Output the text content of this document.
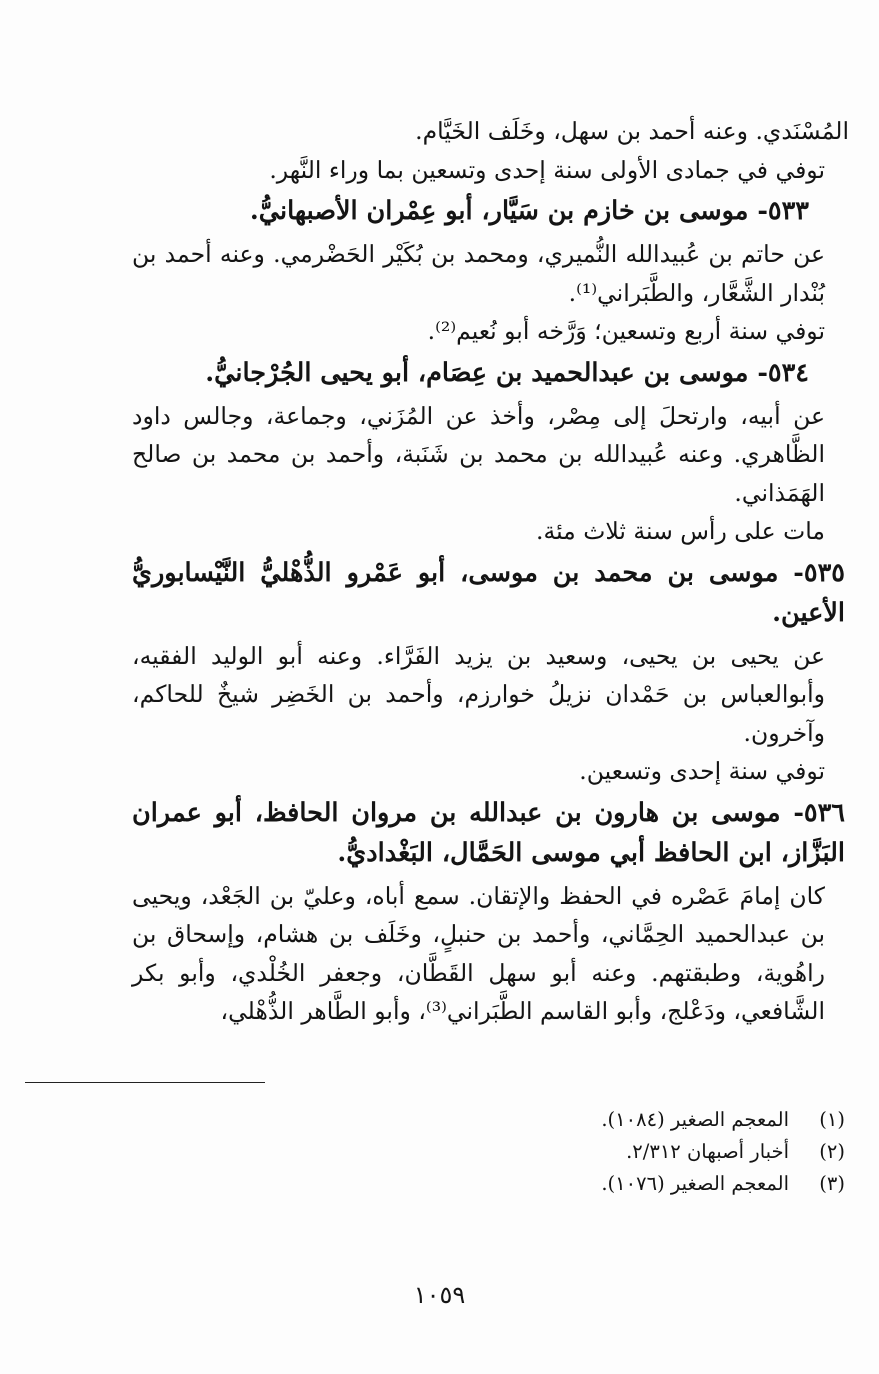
المُسْنَدي. وعنه أحمد بن سهل، وخَلَف الخَيَّام.

توفي في جمادى الأولى سنة إحدى وتسعين بما وراء النَّهر.

٥٣٣- موسى بن خازم بن سَيَّار، أبو عِمْران الأصبهانيُّ.

عن حاتم بن عُبيدالله النُّميري، ومحمد بن بُكَيْر الحَضْرمي. وعنه أحمد بن بُنْدار الشَّعَّار، والطَّبَراني⁽¹⁾.

توفي سنة أربع وتسعين؛ وَرَّخه أبو نُعيم⁽²⁾.

٥٣٤- موسى بن عبدالحميد بن عِصَام، أبو يحيى الجُرْجانيُّ.

عن أبيه، وارتحلَ إلى مِصْر، وأخذ عن المُزَني، وجماعة، وجالس داود الظَّاهري. وعنه عُبيدالله بن محمد بن شَنَبة، وأحمد بن محمد بن صالح الهَمَذاني.

مات على رأس سنة ثلاث مئة.

٥٣٥- موسى بن محمد بن موسى، أبو عَمْرو الذُّهْليُّ النَّيْسابوريُّ الأعين.

عن يحيى بن يحيى، وسعيد بن يزيد الفَرَّاء. وعنه أبو الوليد الفقيه، وأبوالعباس بن حَمْدان نزيلُ خوارزم، وأحمد بن الخَضِر شيخٌ للحاكم، وآخرون.

توفي سنة إحدى وتسعين.

٥٣٦- موسى بن هارون بن عبدالله بن مروان الحافظ، أبو عمران البَزَّاز، ابن الحافظ أبي موسى الحَمَّال، البَغْداديُّ.

كان إمامَ عَصْره في الحفظ والإتقان. سمع أباه، وعليّ بن الجَعْد، ويحيى بن عبدالحميد الحِمَّاني، وأحمد بن حنبلٍ، وخَلَف بن هشام، وإسحاق بن راهُوية، وطبقتهم. وعنه أبو سهل القَطَّان، وجعفر الخُلْدي، وأبو بكر الشَّافعي، ودَعْلج، وأبو القاسم الطَّبَراني⁽³⁾، وأبو الطَّاهر الذُّهْلي،

(١)
المعجم الصغير (١٠٨٤).
(٢)
أخبار أصبهان ٢/٣١٢.
(٣)
المعجم الصغير (١٠٧٦).
١٠٥٩
